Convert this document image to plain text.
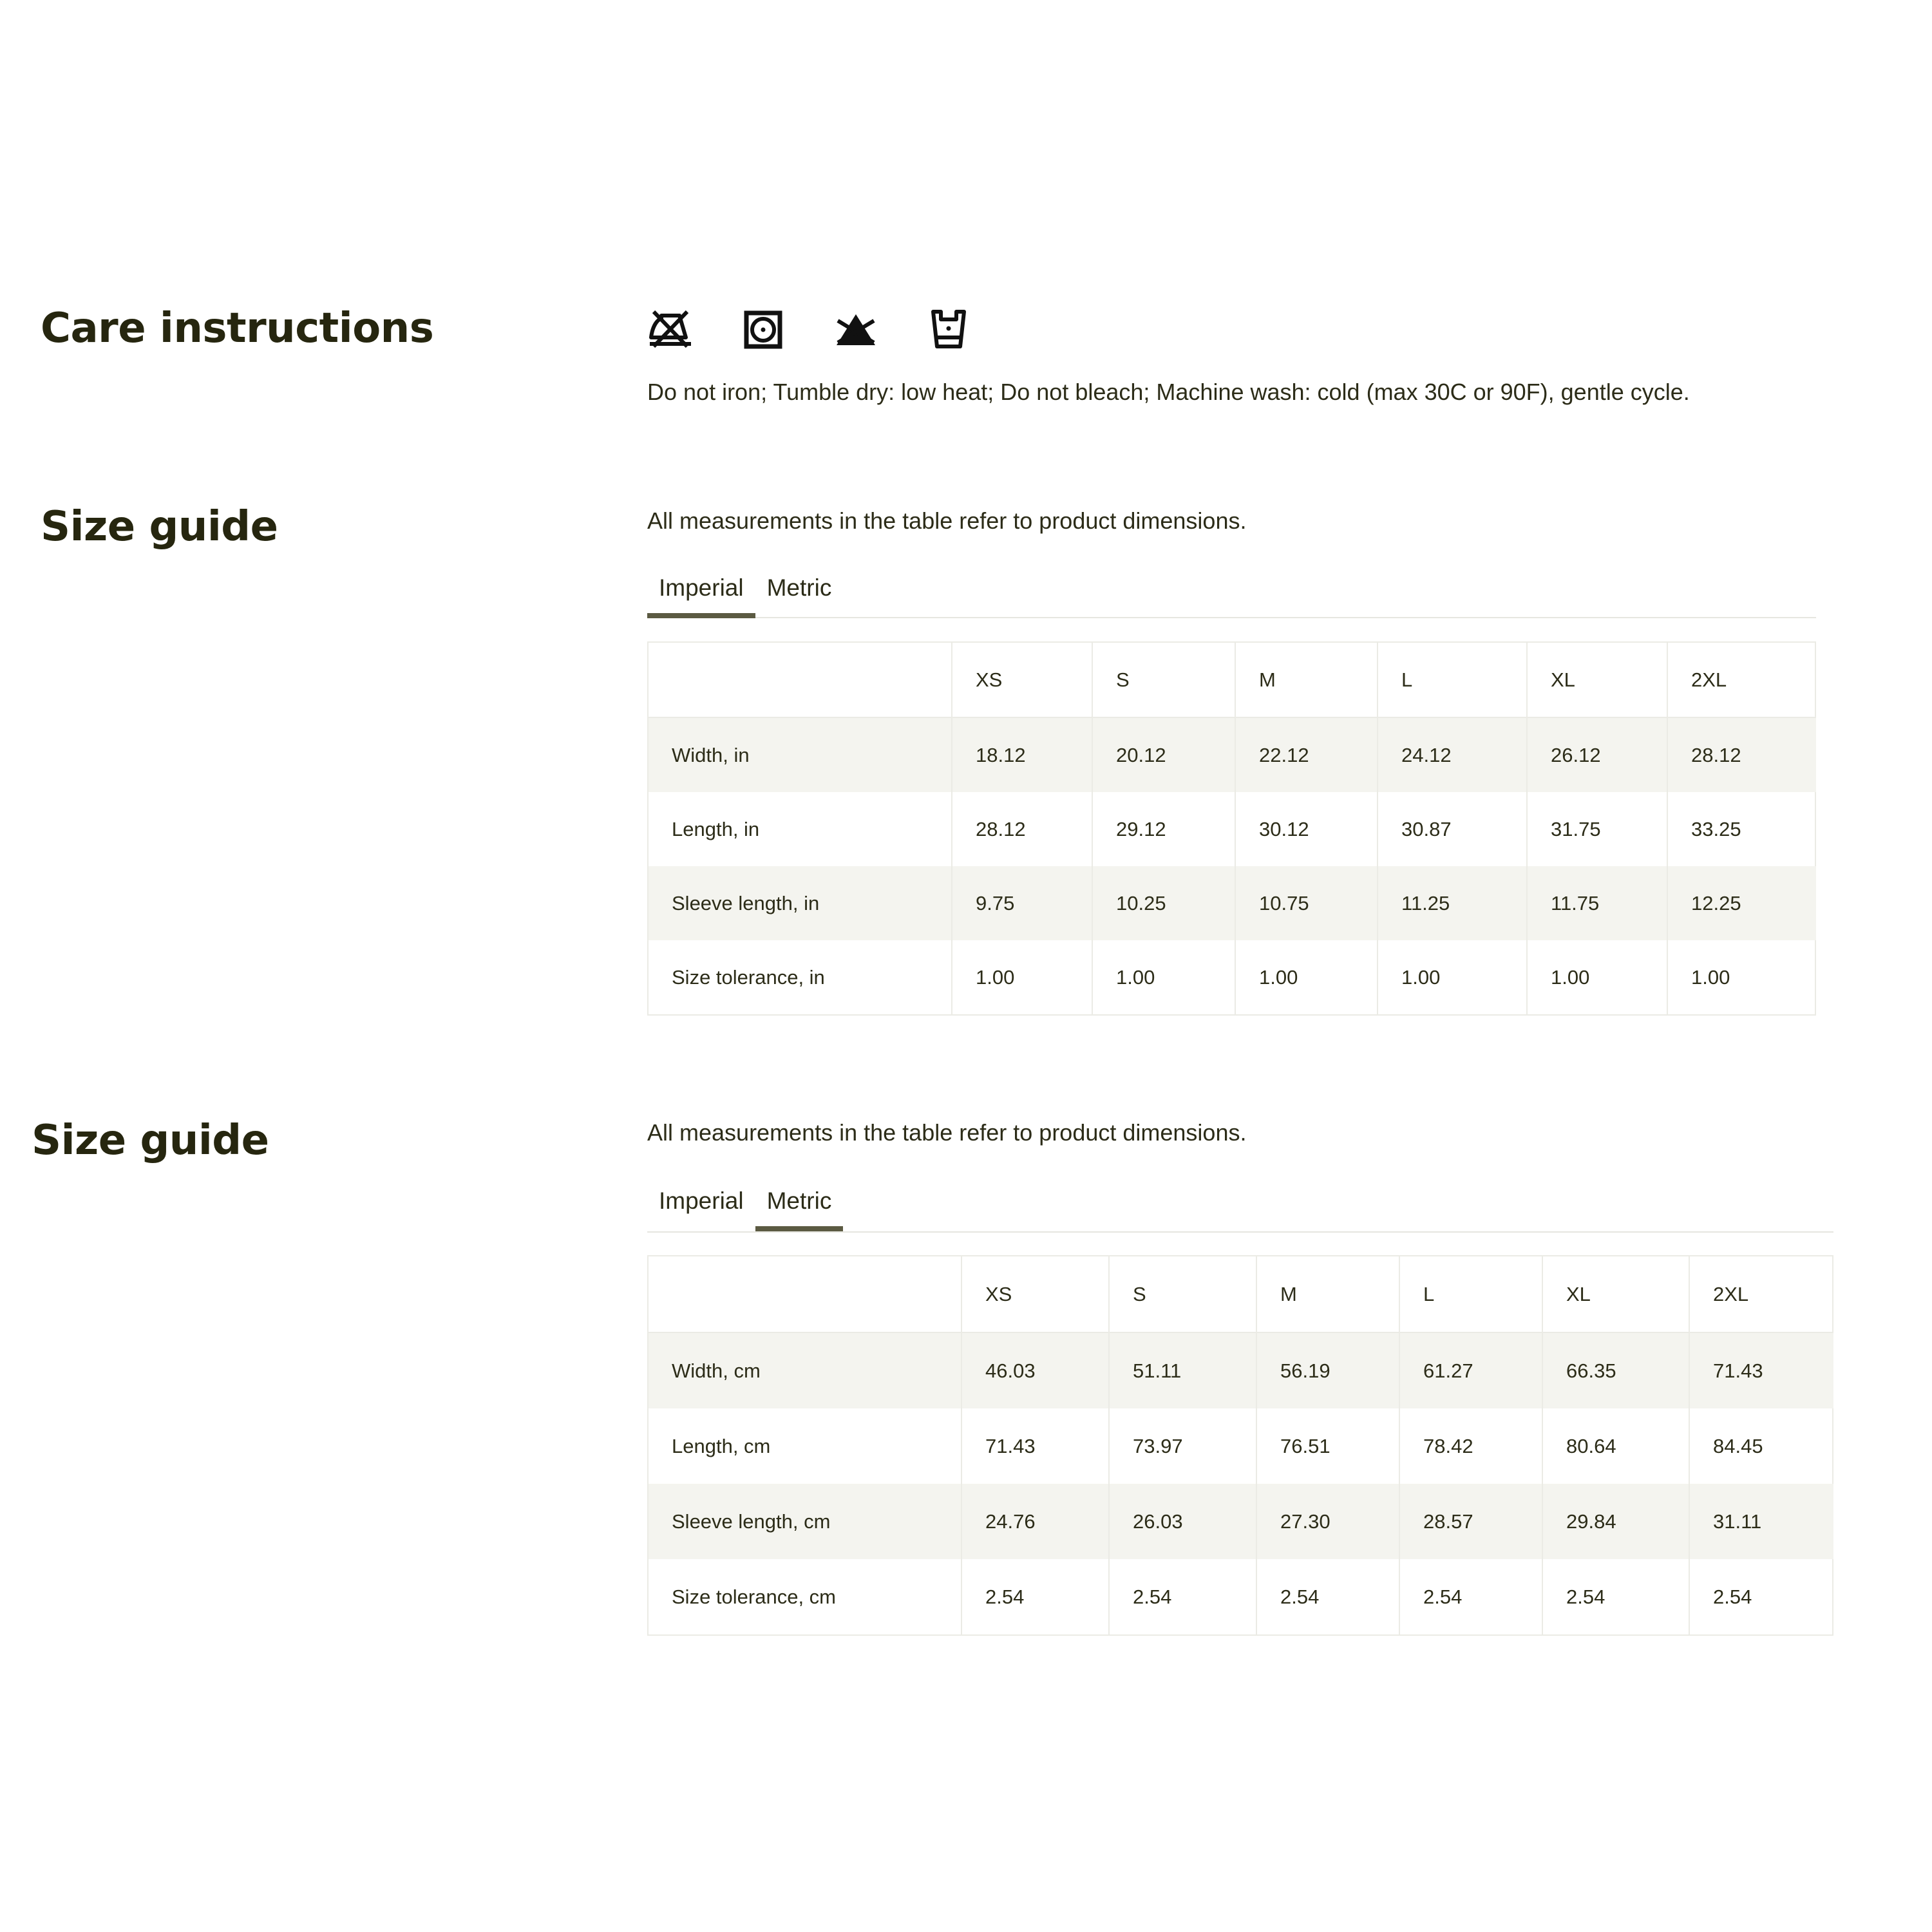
Care instructions
Do not iron; Tumble dry: low heat; Do not bleach; Machine wash: cold (max 30C or 90F), gentle cycle.
Size guide	All measurements in the table refer to product dimensions.
Imperial Metric
	XS	S	M	L	XL	2XL
Width, in	18.12	20.12	22.12	24.12	26.12	28.12
Length, in	28.12	29.12	30.12	30.87	31.75	33.25
Sleeve length, in	9.75	10.25	10.75	11.25	11.75	12.25
Size tolerance, in	1.00	1.00	1.00	1.00	1.00	1.00
Size guide	All measurements in the table refer to product dimensions.
Imperial Metric
	XS	S	M	L	XL	2XL
Width, cm	46.03	51.11	56.19	61.27	66.35	71.43
Length, cm	71.43	73.97	76.51	78.42	80.64	84.45
Sleeve length, cm	24.76	26.03	27.30	28.57	29.84	31.11
Size tolerance, cm	2.54	2.54	2.54	2.54	2.54	2.54
